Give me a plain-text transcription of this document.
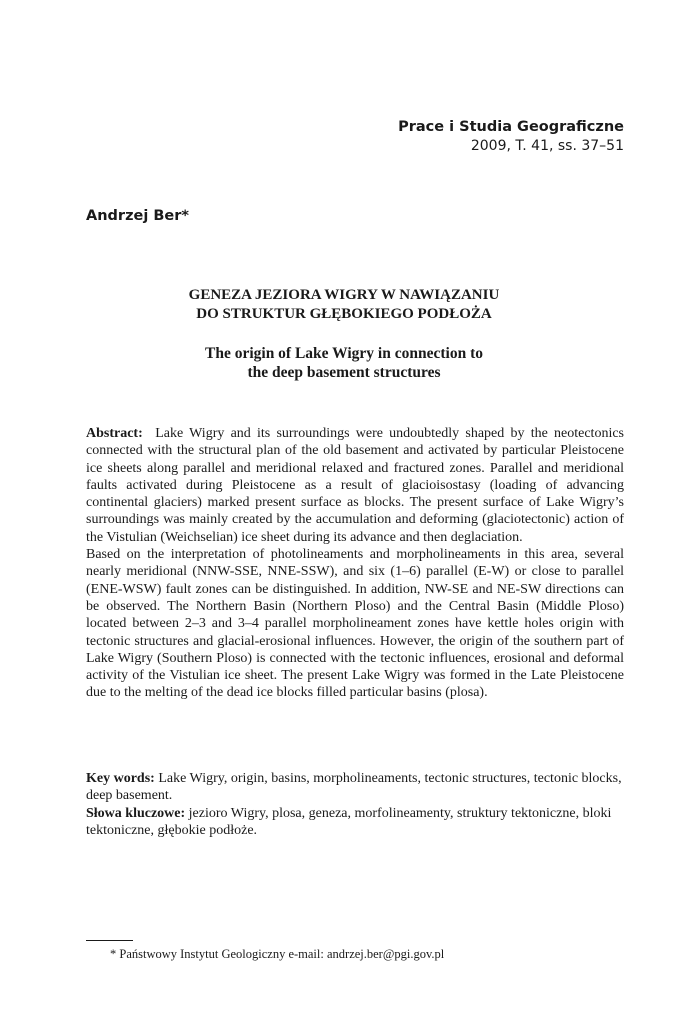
Prace i Studia Geograficzne
2009, T. 41, ss. 37–51
Andrzej Ber*
GENEZA JEZIORA WIGRY W NAWIĄZANIU
DO STRUKTUR GŁĘBOKIEGO PODŁOŻA
The origin of Lake Wigry in connection to
the deep basement structures

Abstract: Lake Wigry and its surroundings were undoubtedly shaped by the neotectonics connected with the structural plan of the old basement and activated by particular Pleistocene ice sheets along parallel and meridional relaxed and fractured zones. Parallel and meridional faults activated during Pleistocene as a result of glacioisostasy (loading of advancing continental glaciers) marked present surface as blocks. The present surface of Lake Wigry’s surroundings was mainly created by the accumulation and deforming (glaciotectonic) action of the Vistulian (Weichselian) ice sheet during its advance and then deglaciation.

Based on the interpretation of photolineaments and morpholineaments in this area, several nearly meridional (NNW-SSE, NNE-SSW), and six (1–6) parallel (E-W) or close to parallel (ENE-WSW) fault zones can be distinguished. In addition, NW-SE and NE-SW directions can be observed. The Northern Basin (Northern Ploso) and the Central Basin (Middle Ploso) located between 2–3 and 3–4 parallel morpholineament zones have kettle holes origin with tectonic structures and glacial-erosional influences. However, the origin of the southern part of Lake Wigry (Southern Ploso) is connected with the tectonic influences, erosional and deformal activity of the Vistulian ice sheet. The present Lake Wigry was formed in the Late Pleistocene due to the melting of the dead ice blocks filled particular basins (plosa).

Key words: Lake Wigry, origin, basins, morpholineaments, tectonic structures, tectonic blocks, deep basement.

Słowa kluczowe: jezioro Wigry, plosa, geneza, morfolineamenty, struktury tektoniczne, bloki tektoniczne, głębokie podłoże.

* Państwowy Instytut Geologiczny e-mail: andrzej.ber@pgi.gov.pl
